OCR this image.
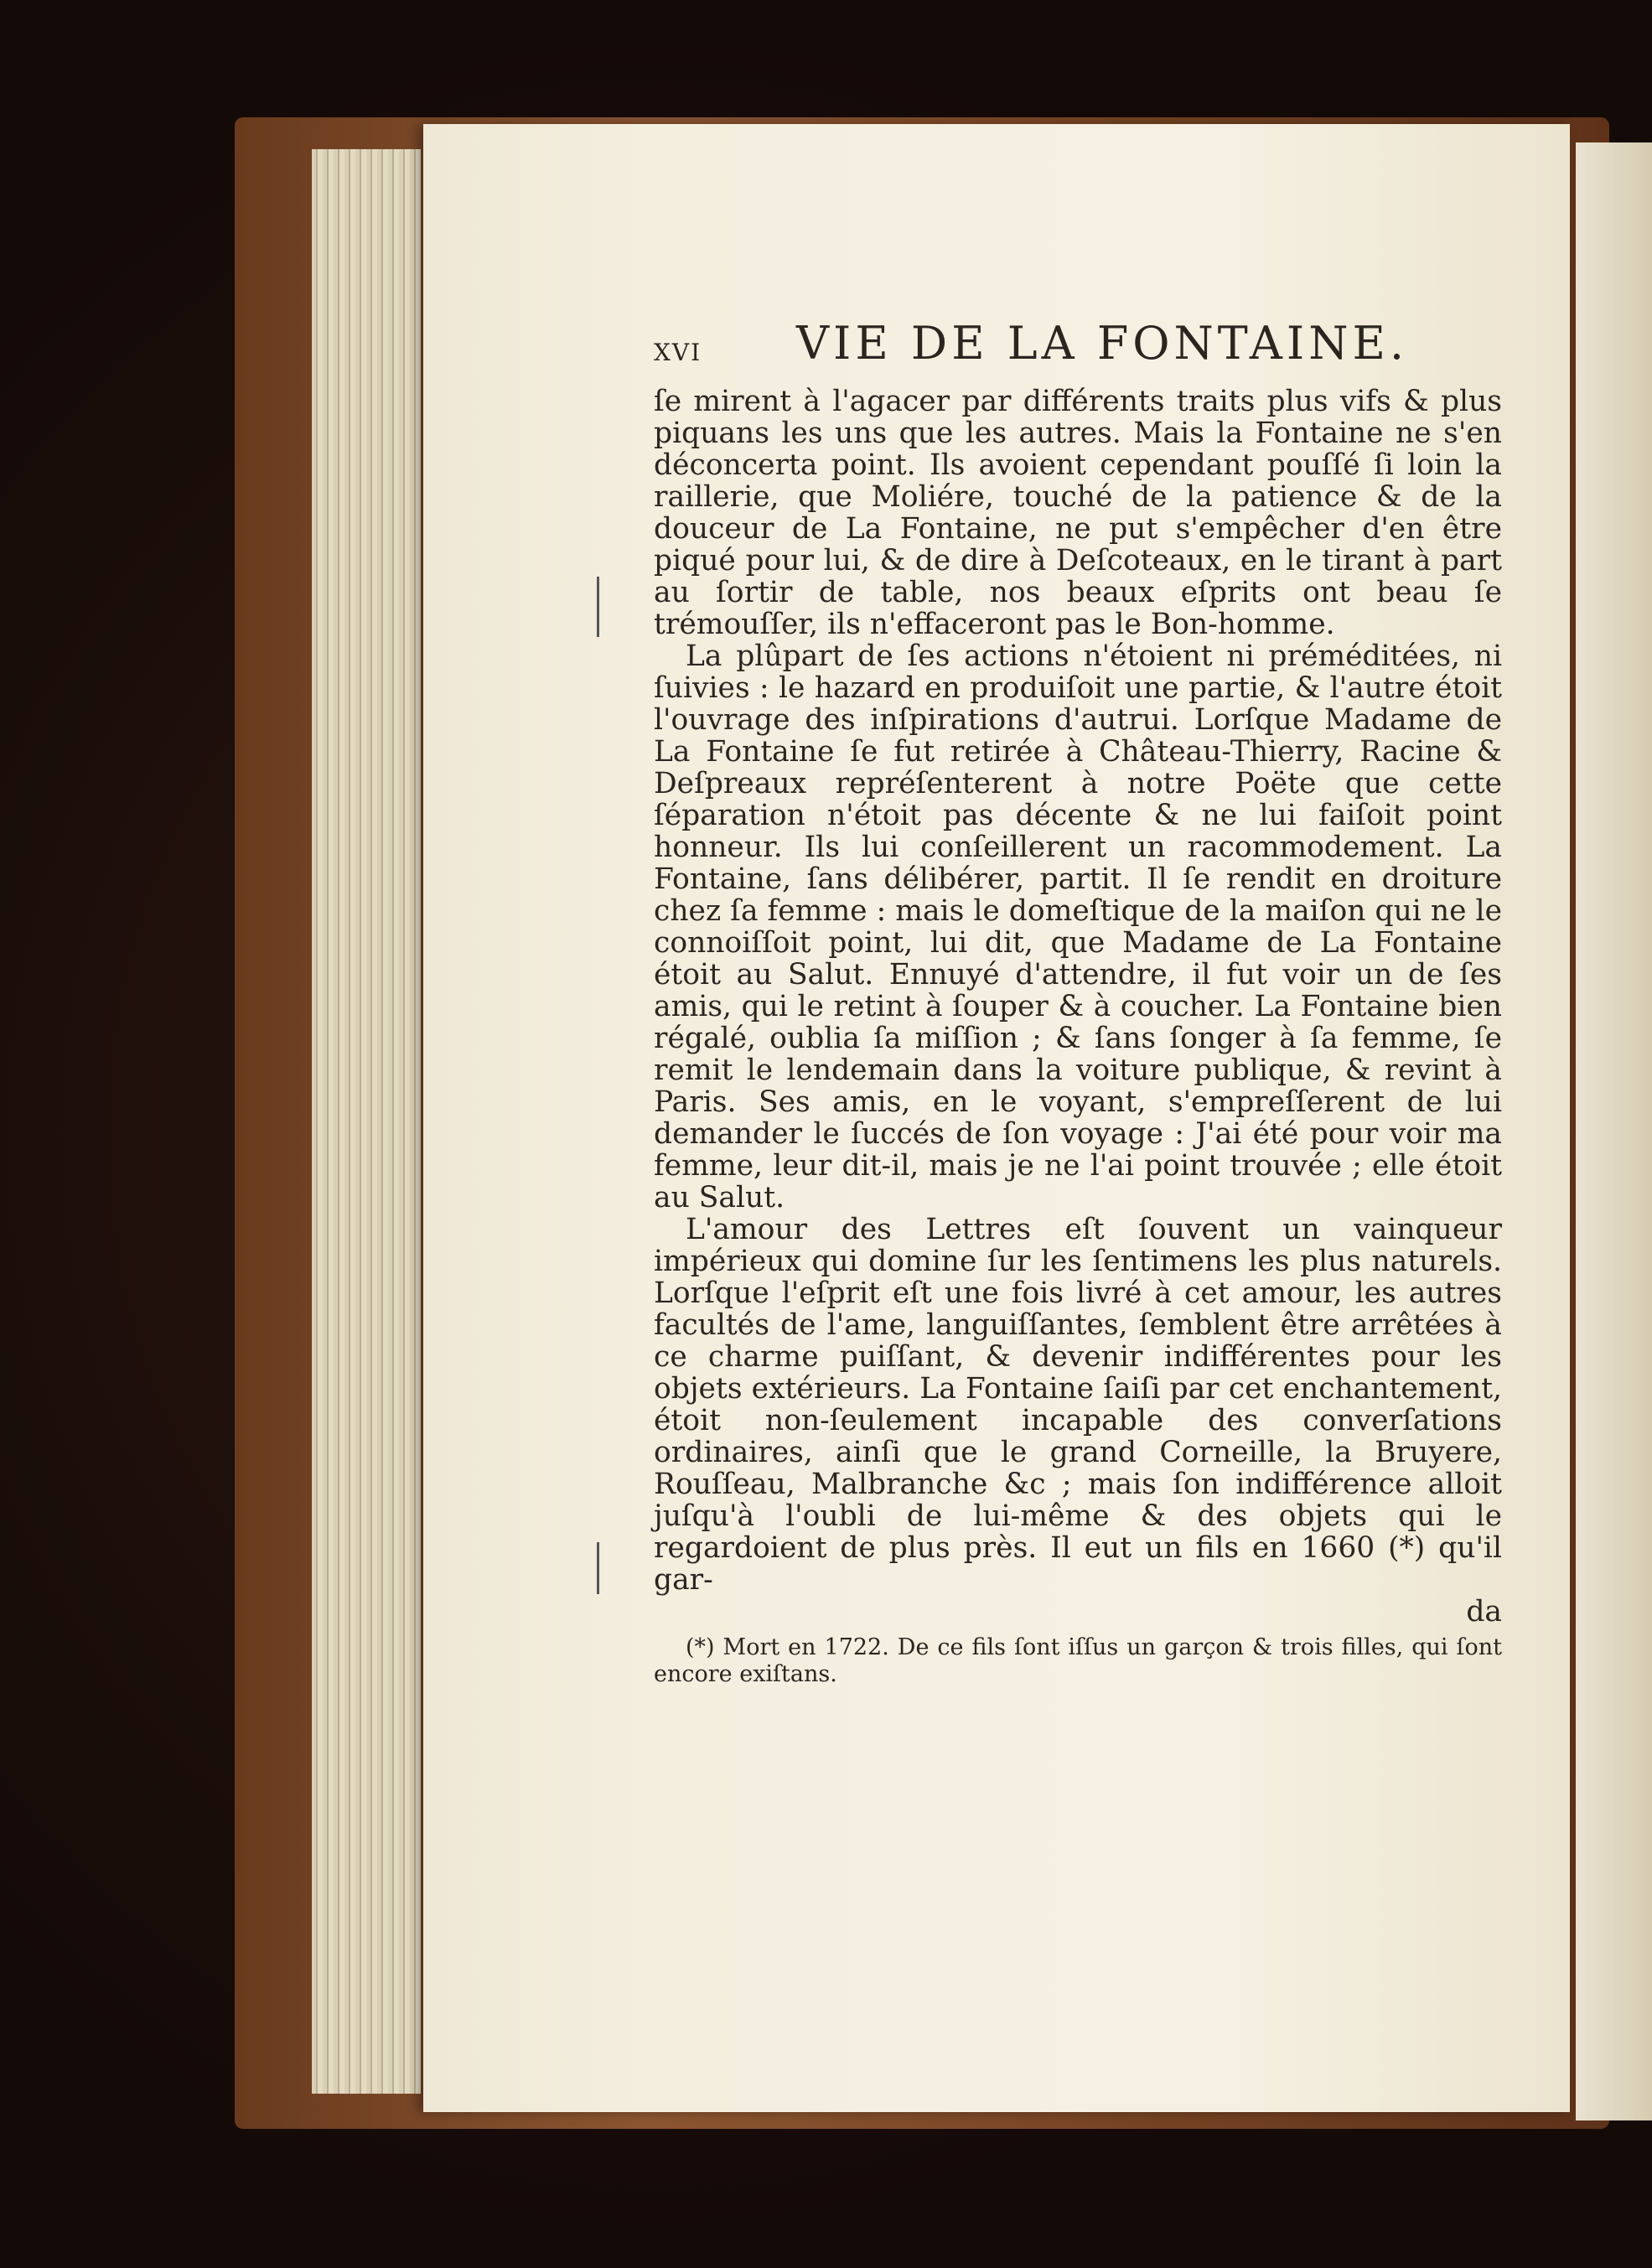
xvi VIE DE LA FONTAINE.

ſe mirent à l'agacer par différents traits plus vifs & plus piquans les uns que les autres. Mais la Fontaine ne s'en déconcerta point. Ils avoient cependant pouſſé ſi loin la raillerie, que Moliére, touché de la patience & de la douceur de La Fontaine, ne put s'empêcher d'en être piqué pour lui, & de dire à Deſcoteaux, en le tirant à part au ſortir de table, nos beaux eſprits ont beau ſe trémouſſer, ils n'effaceront pas le Bon-homme.

La plûpart de ſes actions n'étoient ni préméditées, ni ſuivies : le hazard en produiſoit une partie, & l'autre étoit l'ouvrage des inſpirations d'autrui. Lorſque Madame de La Fontaine ſe fut retirée à Château-Thierry, Racine & Deſpreaux repréſenterent à notre Poëte que cette ſéparation n'étoit pas décente & ne lui faiſoit point honneur. Ils lui conſeillerent un racommodement. La Fontaine, ſans délibérer, partit. Il ſe rendit en droiture chez ſa femme : mais le domeſtique de la maiſon qui ne le connoiſſoit point, lui dit, que Madame de La Fontaine étoit au Salut. Ennuyé d'attendre, il fut voir un de ſes amis, qui le retint à ſouper & à coucher. La Fontaine bien régalé, oublia ſa miſſion ; & ſans ſonger à ſa femme, ſe remit le lendemain dans la voiture publique, & revint à Paris. Ses amis, en le voyant, s'empreſſerent de lui demander le ſuccés de ſon voyage : J'ai été pour voir ma femme, leur dit-il, mais je ne l'ai point trouvée ; elle étoit au Salut.

L'amour des Lettres eſt ſouvent un vainqueur impérieux qui domine ſur les ſentimens les plus naturels. Lorſque l'eſprit eſt une fois livré à cet amour, les autres facultés de l'ame, languiſſantes, ſemblent être arrêtées à ce charme puiſſant, & devenir indifférentes pour les objets extérieurs. La Fontaine ſaiſi par cet enchantement, étoit non-ſeulement incapable des converſations ordinaires, ainſi que le grand Corneille, la Bruyere, Rouſſeau, Malbranche &c ; mais ſon indifférence alloit juſqu'à l'oubli de lui-même & des objets qui le regardoient de plus près. Il eut un fils en 1660 (*) qu'il gar-

da
(*) Mort en 1722. De ce fils ſont iſſus un garçon & trois filles, qui ſont encore exiſtans.
